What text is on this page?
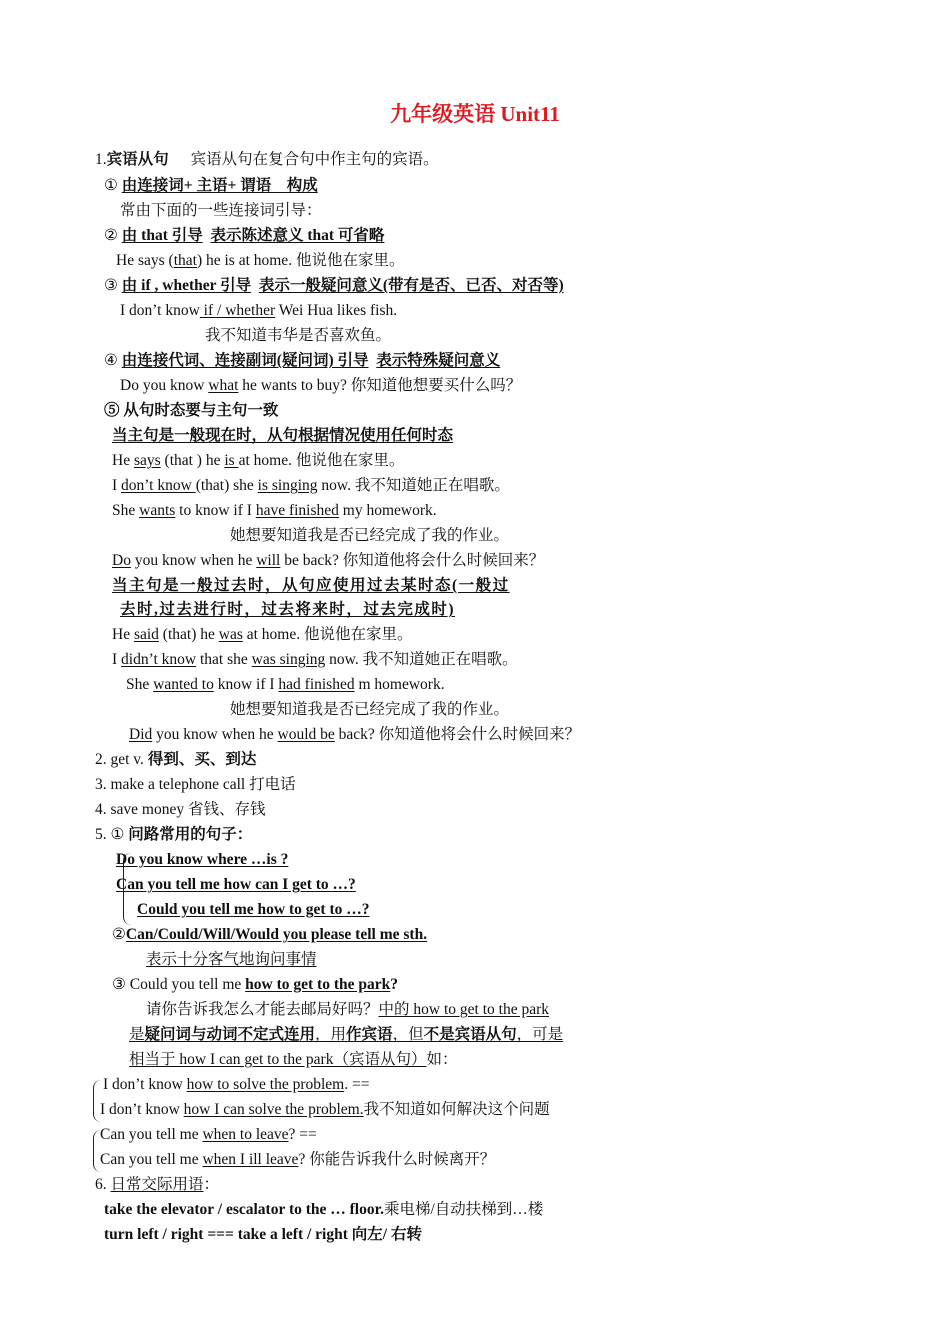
九年级英语 Unit11
1.宾语从句 宾语从句在复合句中作主句的宾语。
① 由连接词+ 主语+ 谓语　构成
常由下面的一些连接词引导：
② 由 that 引导 表示陈述意义 that 可省略
He says (that) he is at home. 他说他在家里。
③ 由 if , whether 引导 表示一般疑问意义(带有是否、已否、对否等)
I don’t know if / whether Wei Hua likes fish.
我不知道韦华是否喜欢鱼。
④ 由连接代词、连接副词(疑问词) 引导 表示特殊疑问意义
Do you know what he wants to buy? 你知道他想要买什么吗？
⑤ 从句时态要与主句一致
当主句是一般现在时，从句根据情况使用任何时态
He says (that ) he is at home. 他说他在家里。
I don’t know (that) she is singing now. 我不知道她正在唱歌。
She wants to know if I have finished my homework.
她想要知道我是否已经完成了我的作业。
Do you know when he will be back? 你知道他将会什么时候回来？
当主句是一般过去时，从句应使用过去某时态(一般过
去时,过去进行时，过去将来时，过去完成时)
He said (that) he was at home. 他说他在家里。
I didn’t know that she was singing now. 我不知道她正在唱歌。
She wanted to know if I had finished m homework.
她想要知道我是否已经完成了我的作业。
Did you know when he would be back? 你知道他将会什么时候回来？
2. get v. 得到、买、到达
3. make a telephone call 打电话
4. save money 省钱、存钱
5. ① 问路常用的句子：
Do you know where …is ?
Can you tell me how can I get to …?
Could you tell me how to get to …?
②Can/Could/Will/Would you please tell me sth.
表示十分客气地询问事情
③ Could you tell me how to get to the park?
请你告诉我怎么才能去邮局好吗？中的 how to get to the park
是疑问词与动词不定式连用，用作宾语，但不是宾语从句，可是
相当于 how I can get to the park（宾语从句）如：
I don’t know how to solve the problem. ==
I don’t know how I can solve the problem.我不知道如何解决这个问题
Can you tell me when to leave? ==
Can you tell me when I ill leave? 你能告诉我什么时候离开？
6. 日常交际用语：
take the elevator / escalator to the … floor.乘电梯/自动扶梯到…楼
turn left / right === take a left / right 向左/ 右转
